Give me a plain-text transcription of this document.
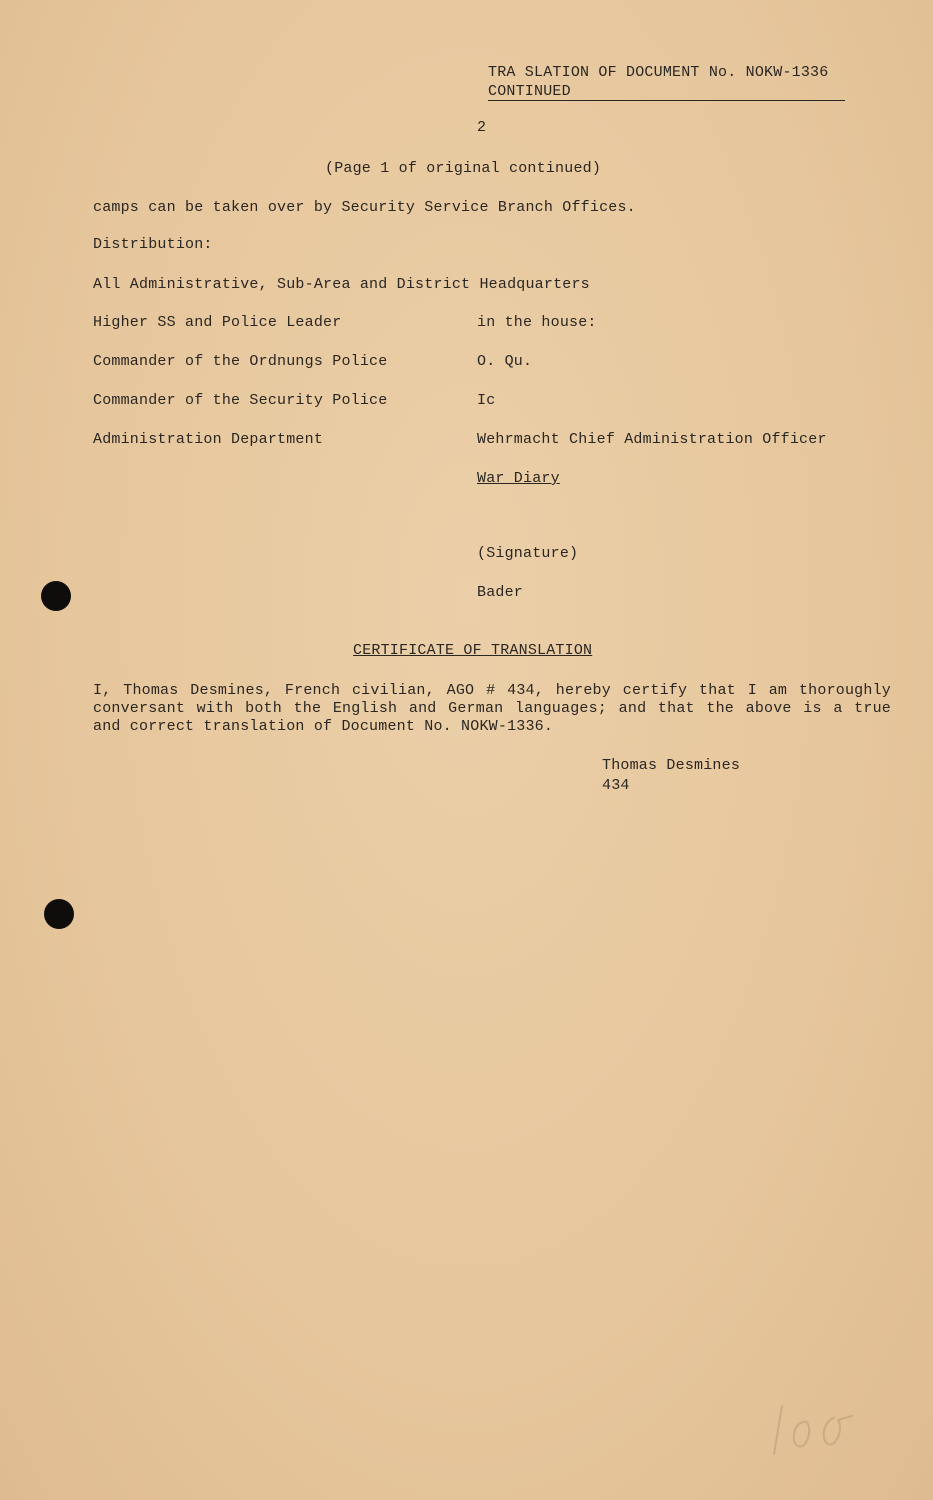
TRA SLATION OF DOCUMENT No. NOKW-1336
CONTINUED
2
(Page 1 of original continued)
camps can be taken over by Security Service Branch Offices.
Distribution:
All Administrative, Sub-Area and District Headquarters
Higher SS and Police Leader
Commander of the Ordnungs Police
Commander of the Security Police
Administration Department
in the house:
O. Qu.
Ic
Wehrmacht Chief Administration Officer
War Diary
(Signature)
Bader
CERTIFICATE OF TRANSLATION
I, Thomas Desmines, French civilian, AGO # 434, hereby certify that I am thoroughly conversant with both the English and German languages; and that the above is a true and correct translation of Document No. NOKW-1336.
Thomas Desmines
434
